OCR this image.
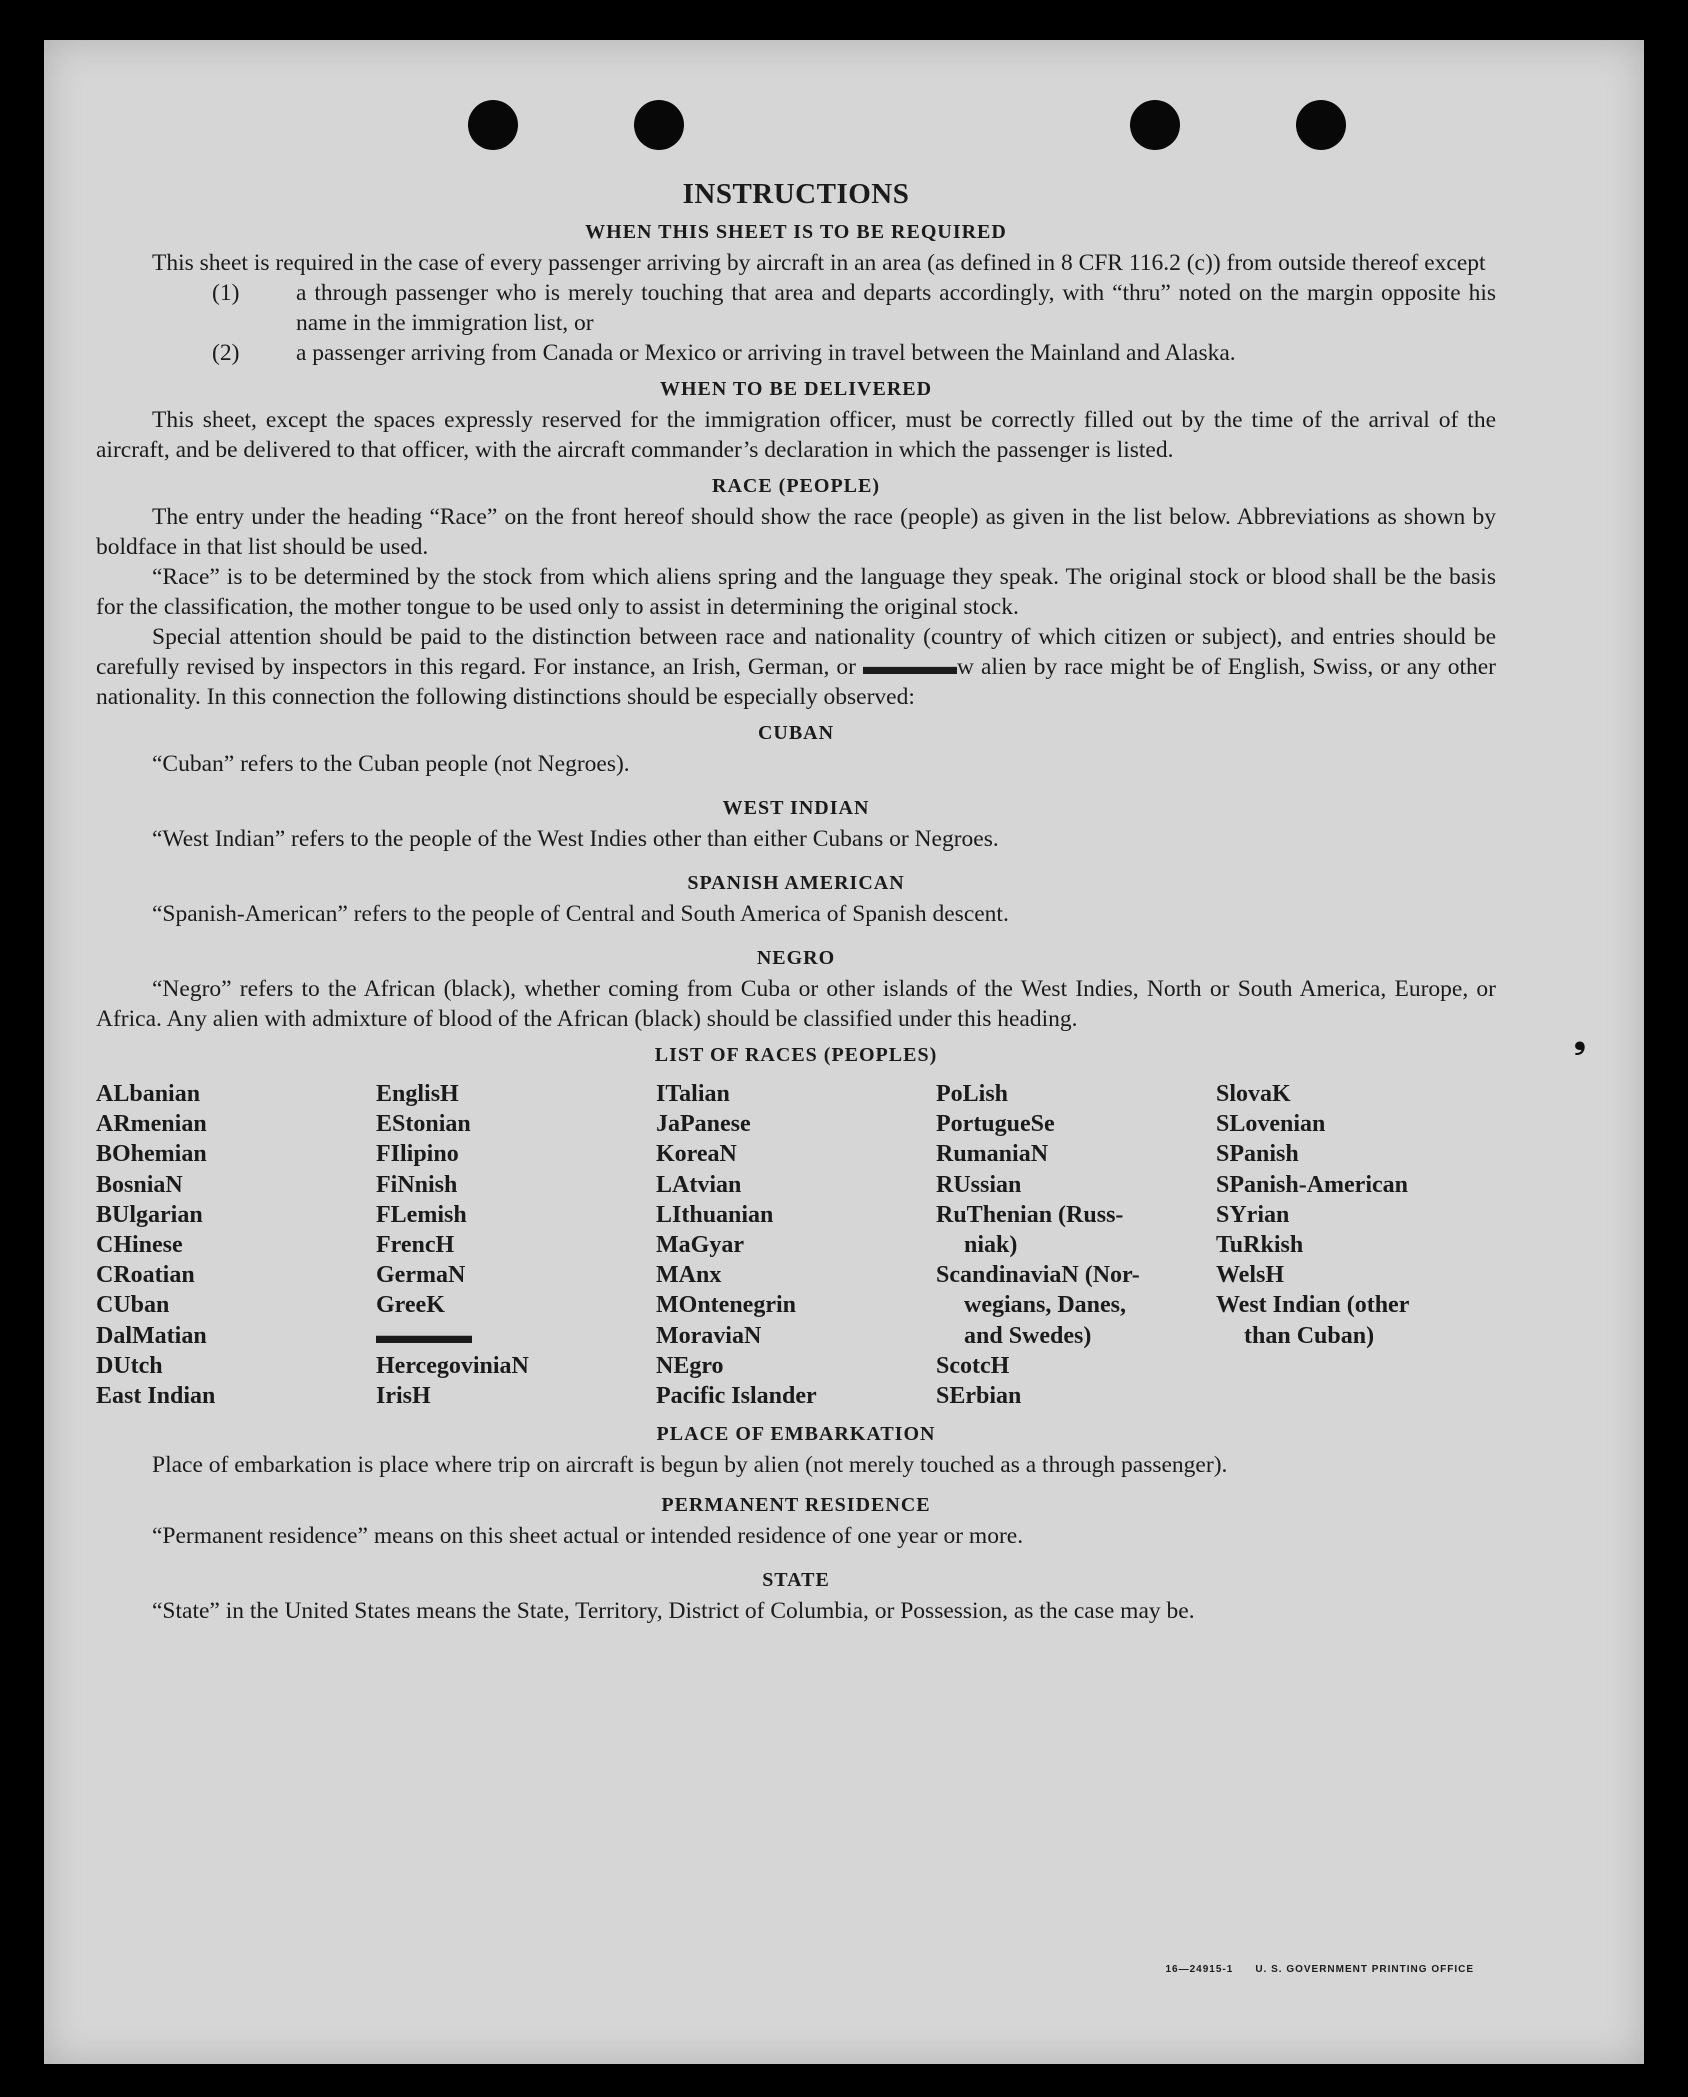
❟
INSTRUCTIONS
WHEN THIS SHEET IS TO BE REQUIRED

This sheet is required in the case of every passenger arriving by aircraft in an area (as defined in 8 CFR 116.2 (c)) from outside thereof except

(1) a through passenger who is merely touching that area and departs accordingly, with “thru” noted on the margin opposite his name in the immigration list, or

(2) a passenger arriving from Canada or Mexico or arriving in travel between the Mainland and Alaska.

WHEN TO BE DELIVERED

This sheet, except the spaces expressly reserved for the immigration officer, must be correctly filled out by the time of the arrival of the aircraft, and be delivered to that officer, with the aircraft commander’s declaration in which the passenger is listed.

RACE (PEOPLE)

The entry under the heading “Race” on the front hereof should show the race (people) as given in the list below. Abbreviations as shown by boldface in that list should be used.

“Race” is to be determined by the stock from which aliens spring and the language they speak. The original stock or blood shall be the basis for the classification, the mother tongue to be used only to assist in determining the original stock.

Special attention should be paid to the distinction between race and nationality (country of which citizen or subject), and entries should be carefully revised by inspectors in this regard. For instance, an Irish, German, or ▬▬▬▬w alien by race might be of English, Swiss, or any other nationality. In this connection the following distinctions should be especially observed:

CUBAN

“Cuban” refers to the Cuban people (not Negroes).

WEST INDIAN

“West Indian” refers to the people of the West Indies other than either Cubans or Negroes.

SPANISH AMERICAN

“Spanish-American” refers to the people of Central and South America of Spanish descent.

NEGRO

“Negro” refers to the African (black), whether coming from Cuba or other islands of the West Indies, North or South America, Europe, or Africa. Any alien with admixture of blood of the African (black) should be classified under this heading.

LIST OF RACES (PEOPLES)
ALbanian
ARmenian
BOhemian
BosniaN
BUlgarian
CHinese
CRoatian
CUban
DalMatian
DUtch
East Indian
EnglisH
EStonian
FIlipino
FiNnish
FLemish
FrencH
GermaN
GreeK
▬▬▬▬
HercegoviniaN
IrisH
ITalian
JaPanese
KoreaN
LAtvian
LIthuanian
MaGyar
MAnx
MOntenegrin
MoraviaN
NEgro
Pacific Islander
PoLish
PortugueSe
RumaniaN
RUssian
RuThenian (Russ-
niak)
ScandinaviaN (Nor-
wegians, Danes,
and Swedes)
ScotcH
SErbian
SlovaK
SLovenian
SPanish
SPanish-American
SYrian
TuRkish
WelsH
West Indian (other
than Cuban)
PLACE OF EMBARKATION

Place of embarkation is place where trip on aircraft is begun by alien (not merely touched as a through passenger).

PERMANENT RESIDENCE

“Permanent residence” means on this sheet actual or intended residence of one year or more.

STATE

“State” in the United States means the State, Territory, District of Columbia, or Possession, as the case may be.

16—24915-1 U. S. GOVERNMENT PRINTING OFFICE
